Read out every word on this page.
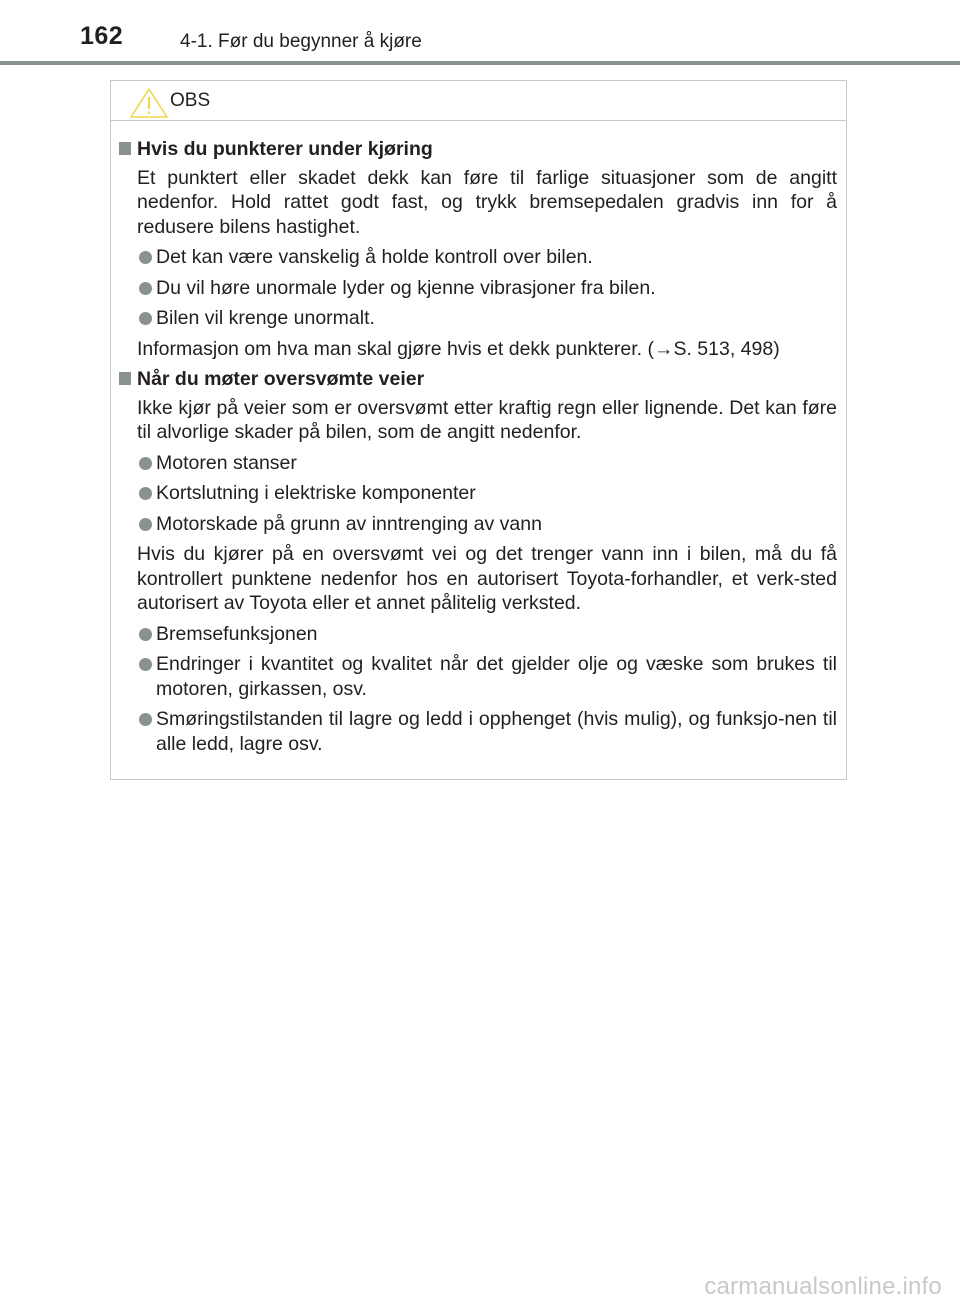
162	4-1. Før du begynner å kjøre
OBS
Hvis du punkterer under kjøring
Et punktert eller skadet dekk kan føre til farlige situasjoner som de angitt nedenfor. Hold rattet godt fast, og trykk bremsepedalen gradvis inn for å redusere bilens hastighet.
Det kan være vanskelig å holde kontroll over bilen.
Du vil høre unormale lyder og kjenne vibrasjoner fra bilen.
Bilen vil krenge unormalt.
Informasjon om hva man skal gjøre hvis et dekk punkterer. (→S. 513, 498)
Når du møter oversvømte veier
Ikke kjør på veier som er oversvømt etter kraftig regn eller lignende. Det kan føre til alvorlige skader på bilen, som de angitt nedenfor.
Motoren stanser
Kortslutning i elektriske komponenter
Motorskade på grunn av inntrenging av vann
Hvis du kjører på en oversvømt vei og det trenger vann inn i bilen, må du få kontrollert punktene nedenfor hos en autorisert Toyota-forhandler, et verk-sted autorisert av Toyota eller et annet pålitelig verksted.
Bremsefunksjonen
Endringer i kvantitet og kvalitet når det gjelder olje og væske som brukes til motoren, girkassen, osv.
Smøringstilstanden til lagre og ledd i opphenget (hvis mulig), og funksjo-nen til alle ledd, lagre osv.
carmanualsonline.info
